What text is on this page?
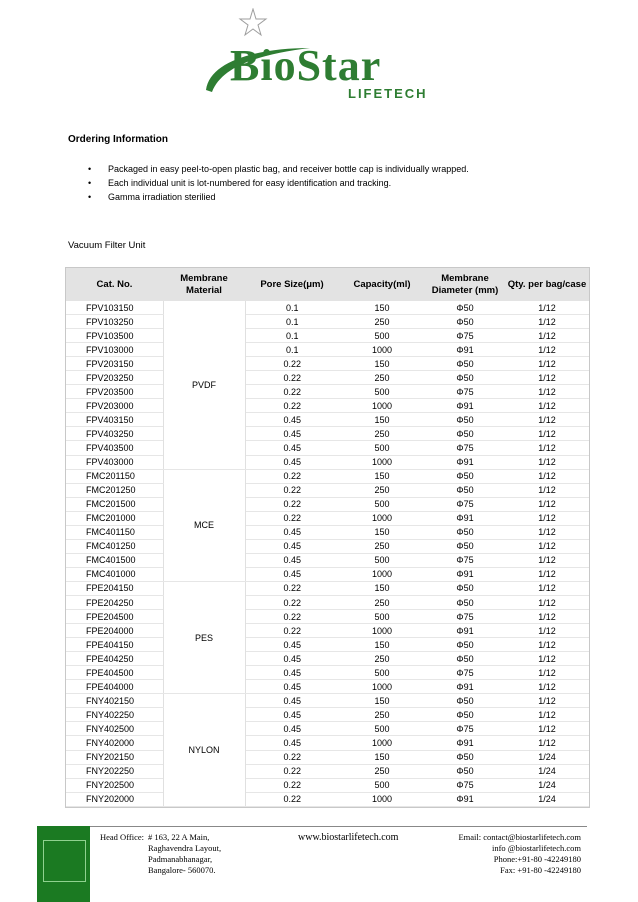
BioStar
LIFETECH
Ordering Information
• Packaged in easy peel-to-open plastic bag, and receiver bottle cap is individually wrapped.
• Each individual unit is lot-numbered for easy identification and tracking.
• Gamma irradiation sterilied
Vacuum Filter Unit
Cat. No.	Membrane Material	Pore Size(μm)	Capacity(ml)	Membrane Diameter (mm)	Qty. per bag/case
FPV103150	PVDF	0.1	150	Φ50	1/12
FPV103250		0.1	250	Φ50	1/12
FPV103500		0.1	500	Φ75	1/12
FPV103000		0.1	1000	Φ91	1/12
FPV203150		0.22	150	Φ50	1/12
FPV203250		0.22	250	Φ50	1/12
FPV203500		0.22	500	Φ75	1/12
FPV203000		0.22	1000	Φ91	1/12
FPV403150		0.45	150	Φ50	1/12
FPV403250		0.45	250	Φ50	1/12
FPV403500		0.45	500	Φ75	1/12
FPV403000		0.45	1000	Φ91	1/12
FMC201150	MCE	0.22	150	Φ50	1/12
FMC201250		0.22	250	Φ50	1/12
FMC201500		0.22	500	Φ75	1/12
FMC201000		0.22	1000	Φ91	1/12
FMC401150		0.45	150	Φ50	1/12
FMC401250		0.45	250	Φ50	1/12
FMC401500		0.45	500	Φ75	1/12
FMC401000		0.45	1000	Φ91	1/12
FPE204150	PES	0.22	150	Φ50	1/12
FPE204250		0.22	250	Φ50	1/12
FPE204500		0.22	500	Φ75	1/12
FPE204000		0.22	1000	Φ91	1/12
FPE404150		0.45	150	Φ50	1/12
FPE404250		0.45	250	Φ50	1/12
FPE404500		0.45	500	Φ75	1/12
FPE404000		0.45	1000	Φ91	1/12
FNY402150	NYLON	0.45	150	Φ50	1/12
FNY402250		0.45	250	Φ50	1/12
FNY402500		0.45	500	Φ75	1/12
FNY402000		0.45	1000	Φ91	1/12
FNY202150		0.22	150	Φ50	1/24
FNY202250		0.22	250	Φ50	1/24
FNY202500		0.22	500	Φ75	1/24
FNY202000		0.22	1000	Φ91	1/24
Head Office: # 163, 22 A Main,
Raghavendra Layout,
Padmanabhanagar,
Bangalore- 560070.
www.biostarlifetech.com	Email: contact@biostarlifetech.com
info @biostarlifetech.com
Phone:+91-80 -42249180
Fax: +91-80 -42249180
